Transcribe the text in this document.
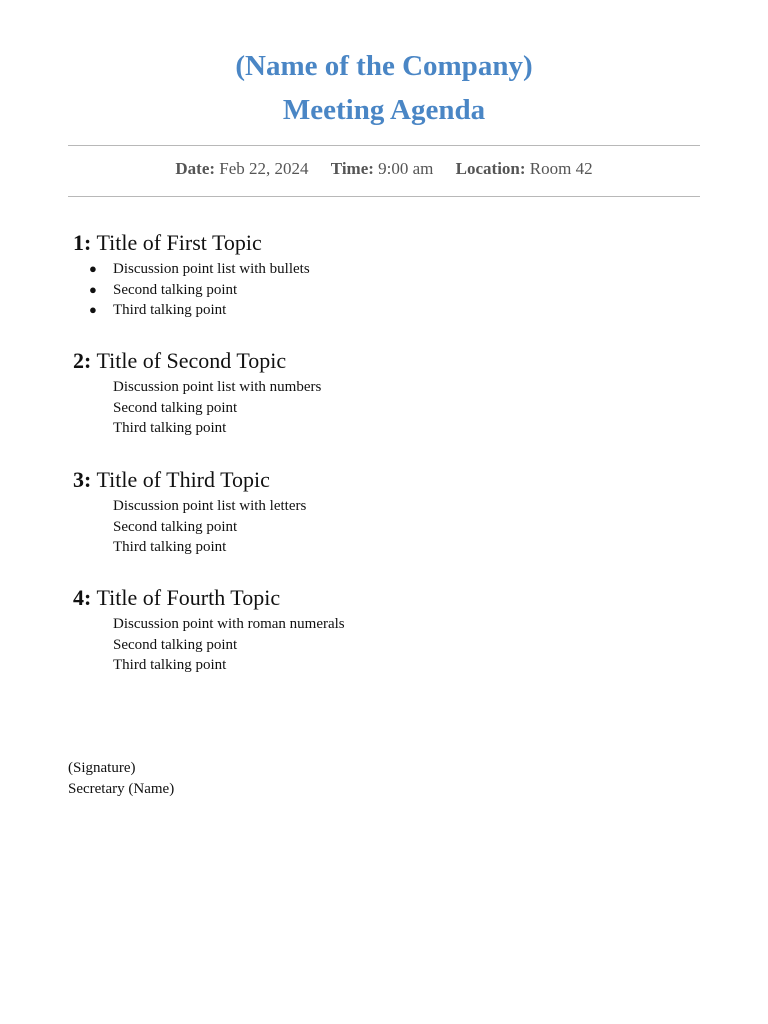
(Name of the Company)
Meeting Agenda
Date: Feb 22, 2024 Time: 9:00 am Location: Room 42
1: Title of First Topic
● Discussion point list with bullets
● Second talking point
● Third talking point
2: Title of Second Topic
Discussion point list with numbers
Second talking point
Third talking point
3: Title of Third Topic
Discussion point list with letters
Second talking point
Third talking point
4: Title of Fourth Topic
Discussion point with roman numerals
Second talking point
Third talking point
(Signature)
Secretary (Name)
